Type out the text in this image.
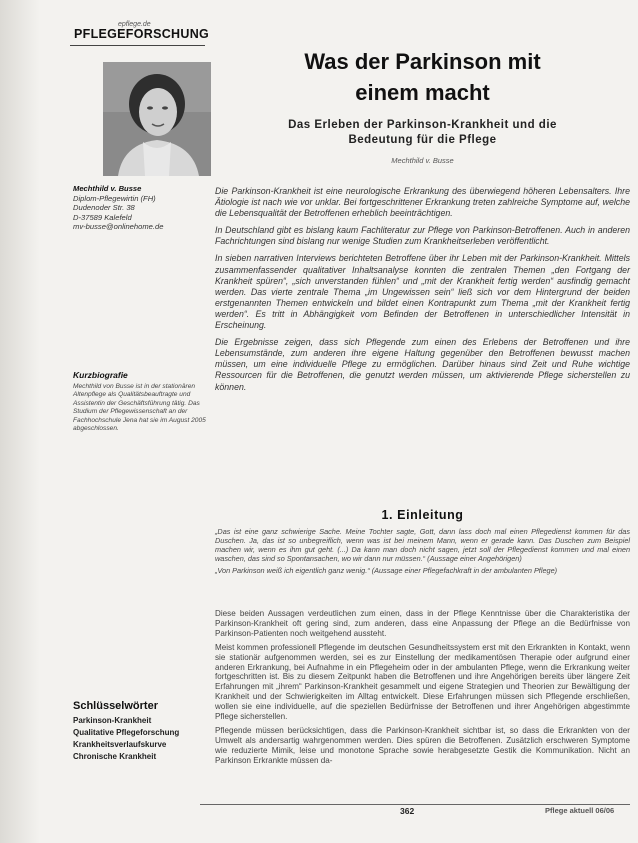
PFLEGEFORSCHUNG
epflege.de
Was der Parkinson mit
einem macht
Das Erleben der Parkinson-Krankheit und die
Bedeutung für die Pflege
Mechthild v. Busse
Mechthild v. Busse
Diplom-Pflegewirtin (FH)
Dudenoder Str. 38
D-37589 Kalefeld
mv-busse@onlinehome.de
Kurzbiografie
Mechthild von Busse ist in der stationären Altenpflege als Qualitätsbeauftragte und Assistentin der Geschäftsführung tätig. Das Studium der Pflegewissenschaft an der Fachhochschule Jena hat sie im August 2005 abgeschlossen.
Schlüsselwörter
Parkinson-Krankheit
Qualitative Pflegeforschung
Krankheitsverlaufskurve
Chronische Krankheit

Die Parkinson-Krankheit ist eine neurologische Erkrankung des überwiegend höheren Lebensalters. Ihre Ätiologie ist nach wie vor unklar. Bei fortgeschrittener Erkrankung treten zahlreiche Symptome auf, welche die Lebensqualität der Betroffenen erheblich beeinträchtigen.

In Deutschland gibt es bislang kaum Fachliteratur zur Pflege von Parkinson-Betroffenen. Auch in anderen Fachrichtungen sind bislang nur wenige Studien zum Krankheitserleben veröffentlicht.

In sieben narrativen Interviews berichteten Betroffene über ihr Leben mit der Parkinson-Krankheit. Mittels zusammenfassender qualitativer Inhaltsanalyse konnten die zentralen Themen „den Fortgang der Krankheit spüren“, „sich unverstanden fühlen“ und „mit der Krankheit fertig werden“ ausfindig gemacht werden. Das vierte zentrale Thema „im Ungewissen sein“ ließ sich vor dem Hintergrund der beiden erstgenannten Themen entwickeln und bildet einen Kontrapunkt zum Thema „mit der Krankheit fertig werden“. Es tritt in Abhängigkeit vom Befinden der Betroffenen in unterschiedlicher Intensität in Erscheinung.

Die Ergebnisse zeigen, dass sich Pflegende zum einen des Erlebens der Betroffenen und ihre Lebensumstände, zum anderen ihre eigene Haltung gegenüber den Betroffenen bewusst machen müssen, um eine individuelle Pflege zu ermöglichen. Darüber hinaus sind Zeit und Ruhe wichtige Ressourcen für die Betroffenen, die genutzt werden müssen, um aktivierende Pflege sicherstellen zu können.

1. Einleitung

„Das ist eine ganz schwierige Sache. Meine Tochter sagte, Gott, dann lass doch mal einen Pflegedienst kommen für das Duschen. Ja, das ist so unbegreiflich, wenn was ist bei meinem Mann, wenn er gerade kann. Das Duschen zum Beispiel machen wir, wenn es ihm gut geht. (...) Da kann man doch nicht sagen, jetzt soll der Pflegedienst kommen und mal einen waschen, das sind so Spontansachen, wo wir dann nur müssen.“ (Aussage einer Angehörigen)

„Von Parkinson weiß ich eigentlich ganz wenig.“ (Aussage einer Pflegefachkraft in der ambulanten Pflege)

Diese beiden Aussagen verdeutlichen zum einen, dass in der Pflege Kenntnisse über die Charakteristika der Parkinson-Krankheit oft gering sind, zum anderen, dass eine Anpassung der Pflege an die Bedürfnisse von Parkinson-Patienten noch weitgehend aussteht.

Meist kommen professionell Pflegende im deutschen Gesundheitssystem erst mit den Erkrankten in Kontakt, wenn sie stationär aufgenommen werden, sei es zur Einstellung der medikamentösen Therapie oder aufgrund einer anderen Erkrankung, bei Aufnahme in ein Pflegeheim oder in der ambulanten Pflege, wenn die Erkrankung weiter fortgeschritten ist. Bis zu diesem Zeitpunkt haben die Betroffenen und ihre Angehörigen bereits über längere Zeit Erfahrungen mit „ihrem“ Parkinson-Krankheit gesammelt und eigene Strategien und Theorien zur Bewältigung der Krankheit und der Schwierigkeiten im Alltag entwickelt. Diese Erfahrungen müssen sich Pflegende erschließen, wollen sie eine individuelle, auf die speziellen Bedürfnisse der Betroffenen und ihrer Angehörigen abgestimmte Pflege sicherstellen.

Pflegende müssen berücksichtigen, dass die Parkinson-Krankheit sichtbar ist, so dass die Erkrankten von der Umwelt als andersartig wahrgenommen werden. Dies spüren die Betroffenen. Zusätzlich erschweren Symptome wie reduzierte Mimik, leise und monotone Sprache sowie herabgesetzte Gestik die Kommunikation. Nicht an Parkinson Erkrankte müssen da-

362	Pflege aktuell 06/06
